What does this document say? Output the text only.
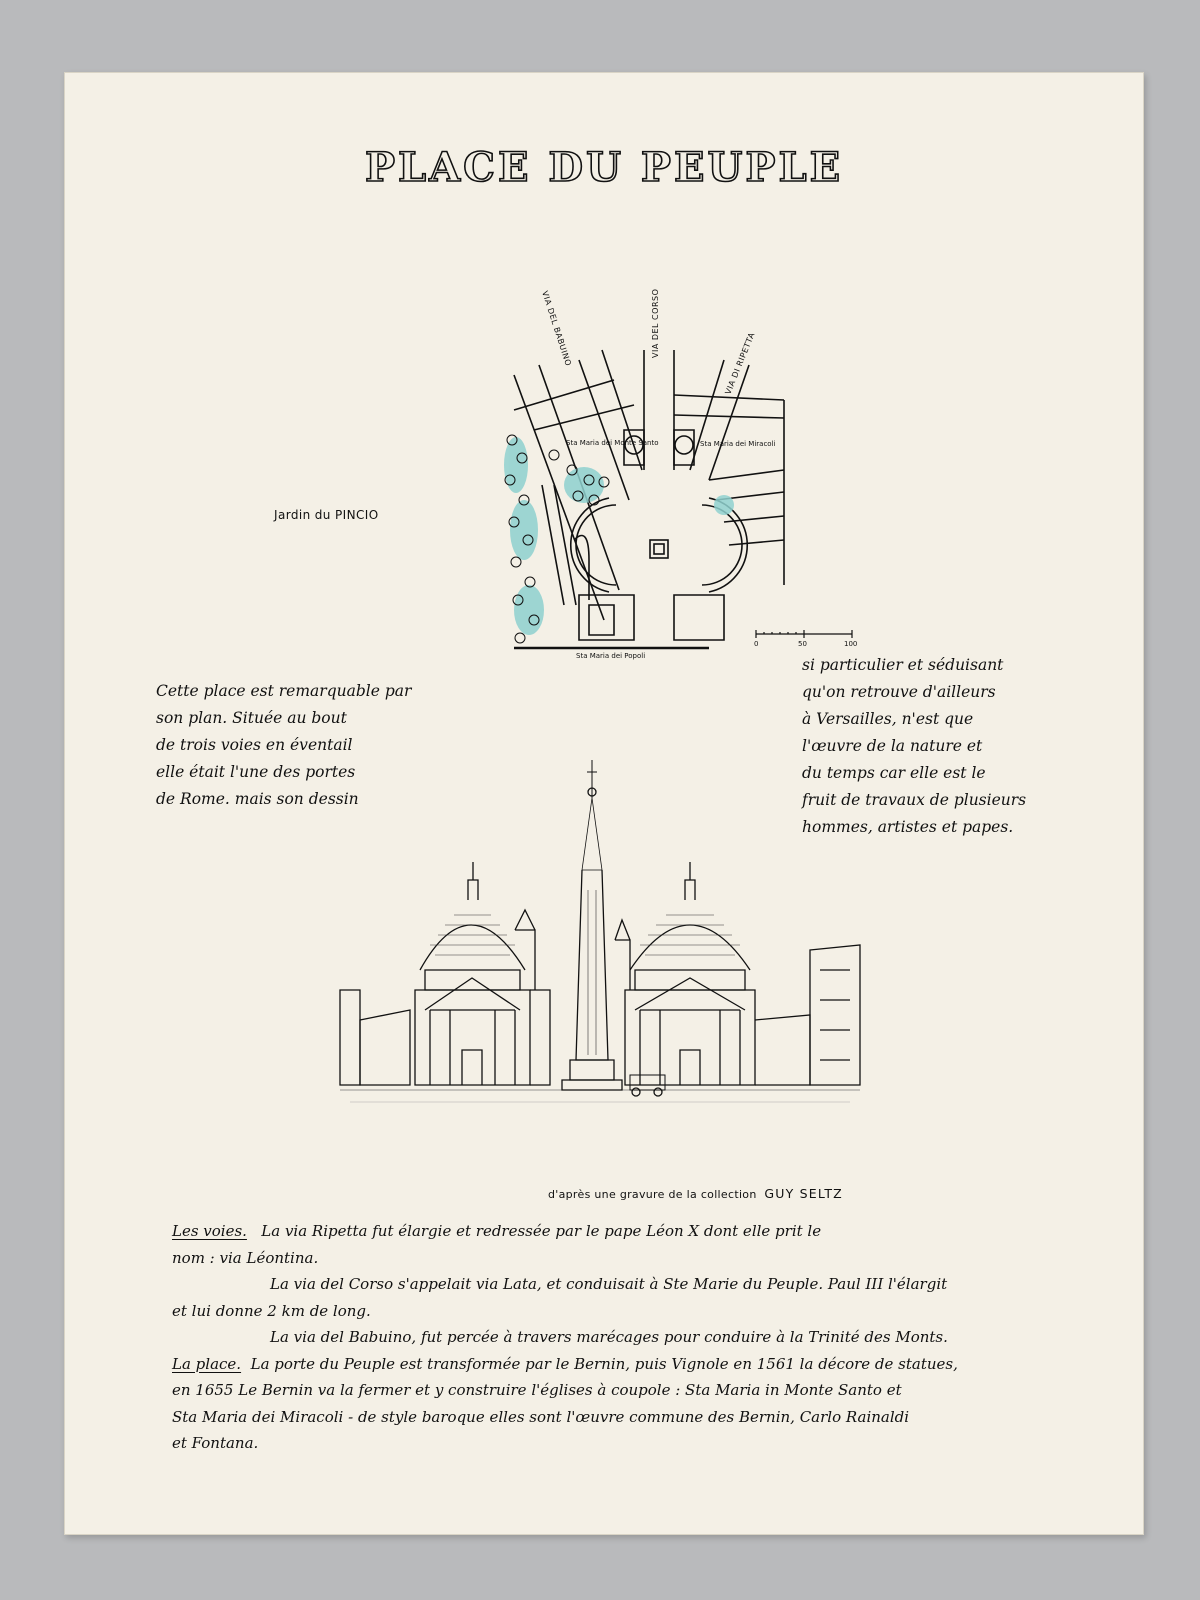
PLACE DU PEUPLE
VIA DEL BABUINO	VIA DEL CORSO
VIA DI RIPETTA
Sta Maria dei Monte Santo	Sta Maria dei Miracoli
Sta Maria dei Popoli
Jardin du PINCIO
0	50	100
Cette place est remarquable par
son plan. Située au bout
de trois voies en éventail
elle était l'une des portes
de Rome. mais son dessin
si particulier et séduisant
qu'on retrouve d'ailleurs
à Versailles, n'est que
l'œuvre de la nature et
du temps car elle est le
fruit de travaux de plusieurs
hommes, artistes et papes.
d'après une gravure de la collection GUY SELTZ
Les voies. La via Ripetta fut élargie et redressée par le pape Léon X dont elle prit le
nom : via Léontina.
La via del Corso s'appelait via Lata, et conduisait à Ste Marie du Peuple. Paul III l'élargit
et lui donne 2 km de long.
La via del Babuino, fut percée à travers marécages pour conduire à la Trinité des Monts.
La place. La porte du Peuple est transformée par le Bernin, puis Vignole en 1561 la décore de statues,
en 1655 Le Bernin va la fermer et y construire l'églises à coupole : Sta Maria in Monte Santo et
Sta Maria dei Miracoli - de style baroque elles sont l'œuvre commune des Bernin, Carlo Rainaldi
et Fontana.
